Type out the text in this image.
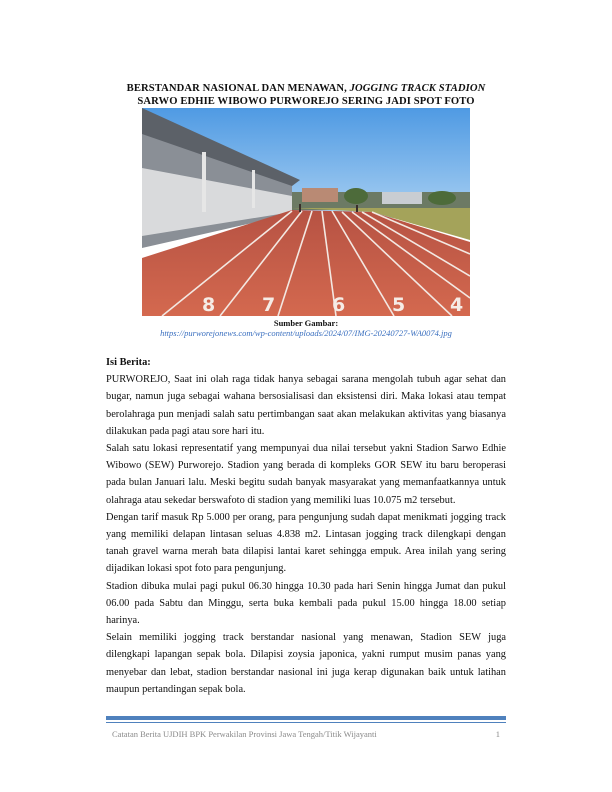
BERSTANDAR NASIONAL DAN MENAWAN, JOGGING TRACK STADION
SARWO EDHIE WIBOWO PURWOREJO SERING JADI SPOT FOTO
8 7	6 5 4
Sumber Gambar:
https://purworejonews.com/wp-content/uploads/2024/07/IMG-20240727-WA0074.jpg
Isi Berita:

PURWOREJO, Saat ini olah raga tidak hanya sebagai sarana mengolah tubuh agar sehat dan bugar, namun juga sebagai wahana bersosialisasi dan eksistensi diri. Maka lokasi atau tempat berolahraga pun menjadi salah satu pertimbangan saat akan melakukan aktivitas yang biasanya dilakukan pada pagi atau sore hari itu.

Salah satu lokasi representatif yang mempunyai dua nilai tersebut yakni Stadion Sarwo Edhie Wibowo (SEW) Purworejo. Stadion yang berada di kompleks GOR SEW itu baru beroperasi pada bulan Januari lalu. Meski begitu sudah banyak masyarakat yang memanfaatkannya untuk olahraga atau sekedar berswafoto di stadion yang memiliki luas 10.075 m2 tersebut.

Dengan tarif masuk Rp 5.000 per orang, para pengunjung sudah dapat menikmati jogging track yang memiliki delapan lintasan seluas 4.838 m2. Lintasan jogging track dilengkapi dengan tanah gravel warna merah bata dilapisi lantai karet sehingga empuk. Area inilah yang sering dijadikan lokasi spot foto para pengunjung.

Stadion dibuka mulai pagi pukul 06.30 hingga 10.30 pada hari Senin hingga Jumat dan pukul 06.00 pada Sabtu dan Minggu, serta buka kembali pada pukul 15.00 hingga 18.00 setiap harinya.

Selain memiliki jogging track berstandar nasional yang menawan, Stadion SEW juga dilengkapi lapangan sepak bola. Dilapisi zoysia japonica, yakni rumput musim panas yang menyebar dan lebat, stadion berstandar nasional ini juga kerap digunakan baik untuk latihan maupun pertandingan sepak bola.

Catatan Berita UJDIH BPK Perwakilan Provinsi Jawa Tengah/Titik Wijayanti	1
